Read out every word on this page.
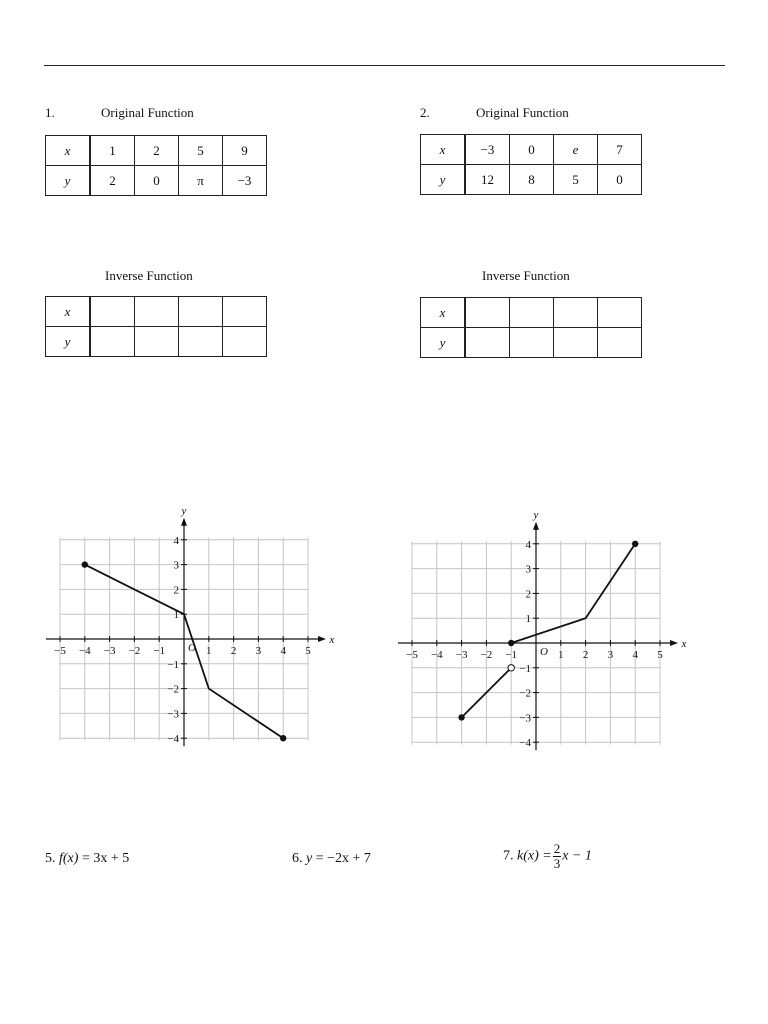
1.	Original Function
x	1	2	5	9
y	2	0	π	−3
Inverse Function
x				
y				
2.	Original Function
x	−3	0	e	7
y	12	8	5	0
Inverse Function
x				
y				
−5 −4 −3 −2 −1	1 2 3 4 5
4
3
2
1
−1
−2
−3
−4
O
x
y
−5 −4 −3 −2 −1	1 2 3 4 5
4
3
2
1
−1
−2
−3
−4
O
x
y
5. f(x) = 3x + 5	6. y = −2x + 7	7. $k(x) = \frac{2}{3}$ x − 1
